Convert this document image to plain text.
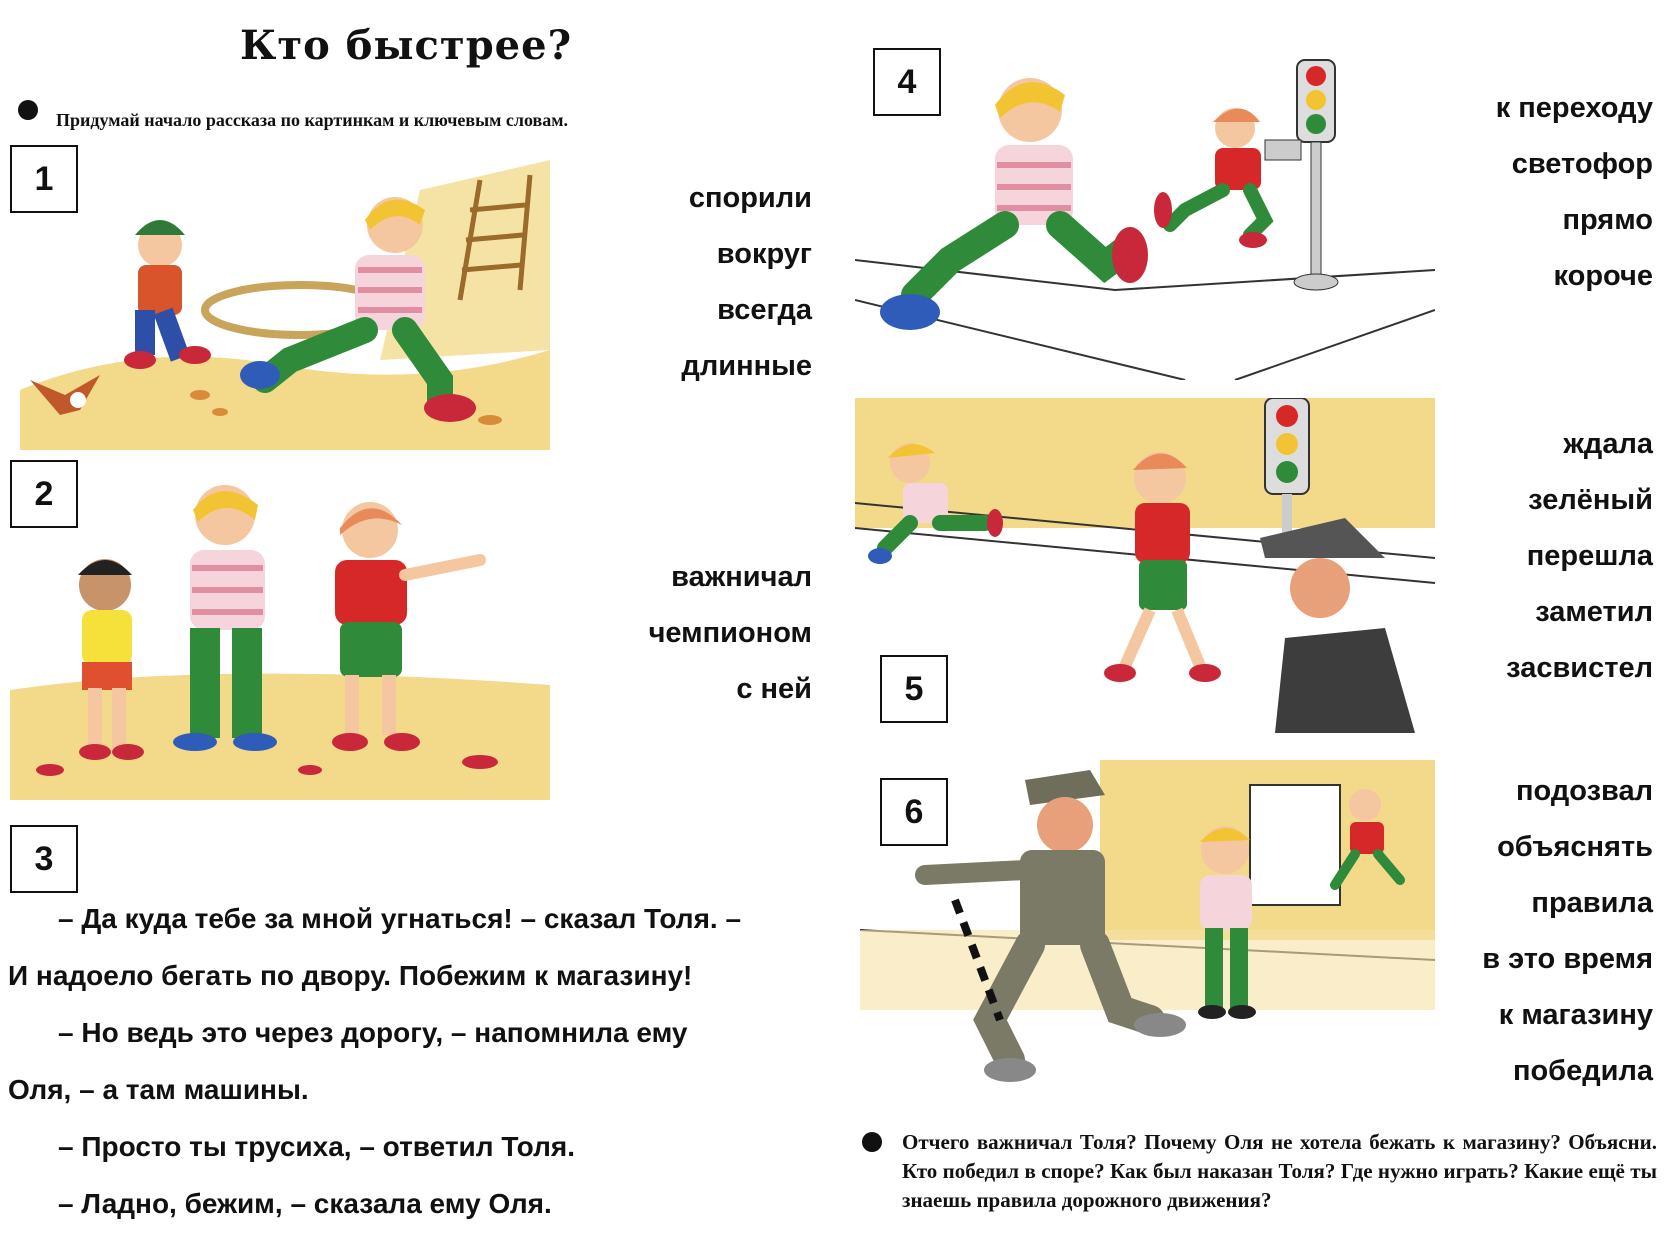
Кто быстрее?
Придумай начало рассказа по картинкам и ключевым словам.
1
спорили
вокруг
всегда
длинные
2
важничал
чемпионом
с ней
3

– Да куда тебе за мной угнаться! – сказал Толя. –

И надоело бегать по двору. Побежим к магазину!

– Но ведь это через дорогу, – напомнила ему

Оля, – а там машины.

– Просто ты трусиха, – ответил Толя.

– Ладно, бежим, – сказала ему Оля.

4
к переходу
светофор
прямо
короче
5
ждала
зелёный
перешла
заметил
засвистел
6
подозвал
объяснять
правила
в это время
к магазину
победила
Отчего важничал Толя? Почему Оля не хотела бежать к магазину? Объясни. Кто победил в споре? Как был наказан Толя? Где нужно играть? Какие ещё ты знаешь правила дорожного движения?
